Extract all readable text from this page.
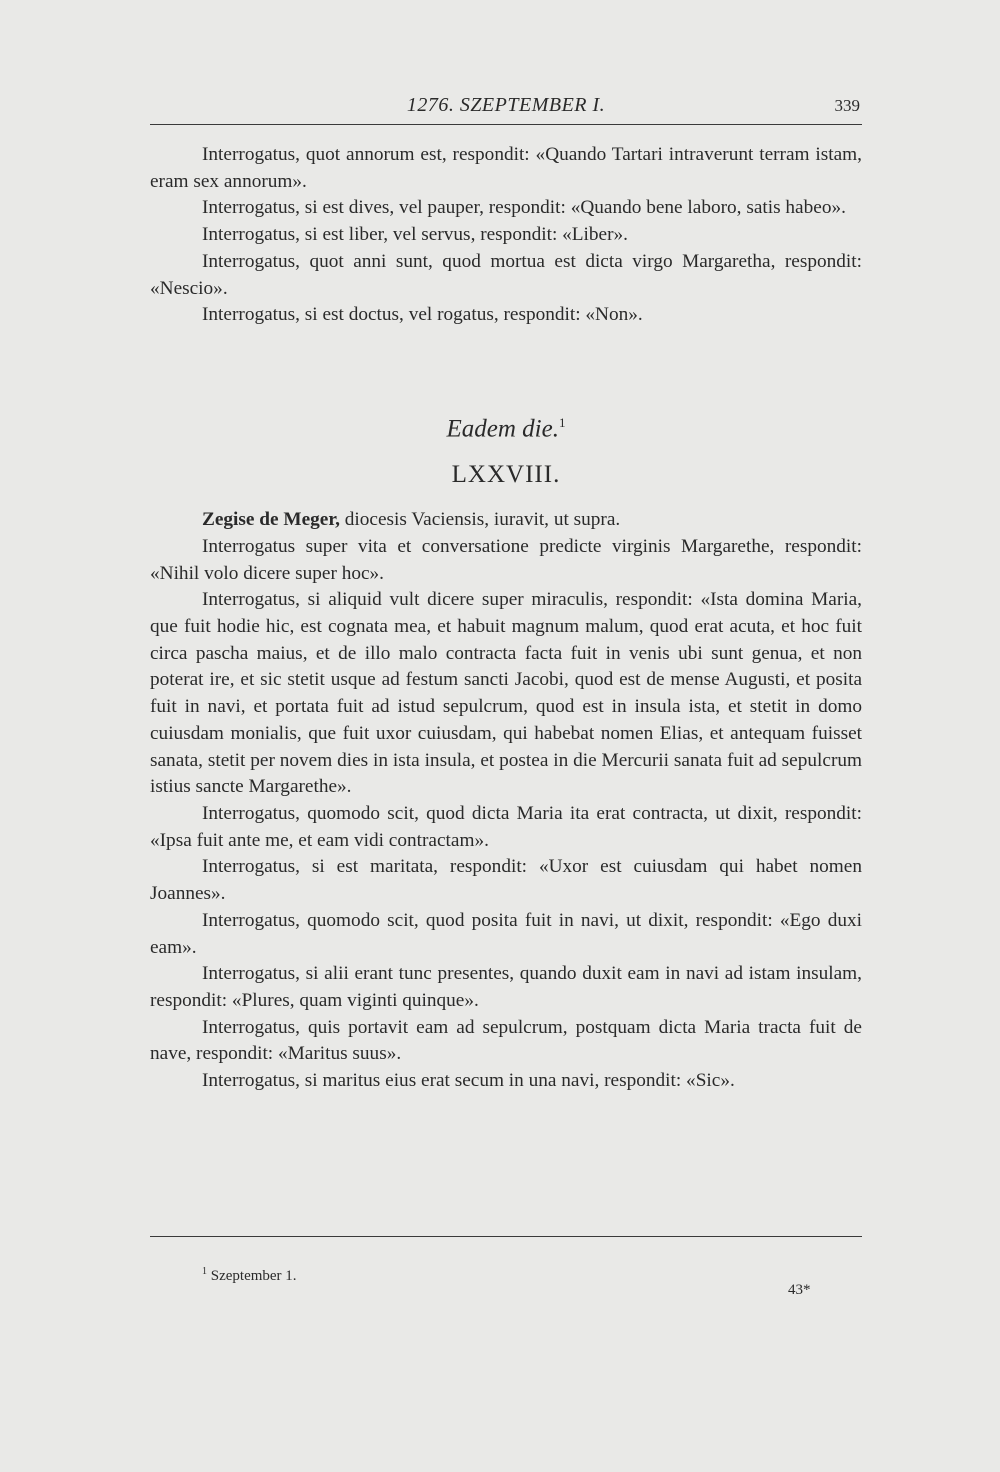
1276. SZEPTEMBER I.	339

Interrogatus, quot annorum est, respondit: «Quando Tartari intraverunt terram istam, eram sex annorum».

Interrogatus, si est dives, vel pauper, respondit: «Quando bene laboro, satis habeo».

Interrogatus, si est liber, vel servus, respondit: «Liber».

Interrogatus, quot anni sunt, quod mortua est dicta virgo Margaretha, respondit: «Nescio».

Interrogatus, si est doctus, vel rogatus, respondit: «Non».

Eadem die.$^1$
LXXVIII.

Zegise de Meger, diocesis Vaciensis, iuravit, ut supra.

Interrogatus super vita et conversatione predicte virginis Margarethe, respondit: «Nihil volo dicere super hoc».

Interrogatus, si aliquid vult dicere super miraculis, respondit: «Ista domina Maria, que fuit hodie hic, est cognata mea, et habuit magnum malum, quod erat acuta, et hoc fuit circa pascha maius, et de illo malo contracta facta fuit in venis ubi sunt genua, et non poterat ire, et sic stetit usque ad festum sancti Jacobi, quod est de mense Augusti, et posita fuit in navi, et portata fuit ad istud sepulcrum, quod est in insula ista, et stetit in domo cuiusdam monialis, que fuit uxor cuiusdam, qui habebat nomen Elias, et antequam fuisset sanata, stetit per novem dies in ista insula, et postea in die Mercurii sanata fuit ad sepulcrum istius sancte Margarethe».

Interrogatus, quomodo scit, quod dicta Maria ita erat contracta, ut dixit, respondit: «Ipsa fuit ante me, et eam vidi contractam».

Interrogatus, si est maritata, respondit: «Uxor est cuiusdam qui habet nomen Joannes».

Interrogatus, quomodo scit, quod posita fuit in navi, ut dixit, respondit: «Ego duxi eam».

Interrogatus, si alii erant tunc presentes, quando duxit eam in navi ad istam insulam, respondit: «Plures, quam viginti quinque».

Interrogatus, quis portavit eam ad sepulcrum, postquam dicta Maria tracta fuit de nave, respondit: «Maritus suus».

Interrogatus, si maritus eius erat secum in una navi, respondit: «Sic».

$^1$ Szeptember 1.
43*
